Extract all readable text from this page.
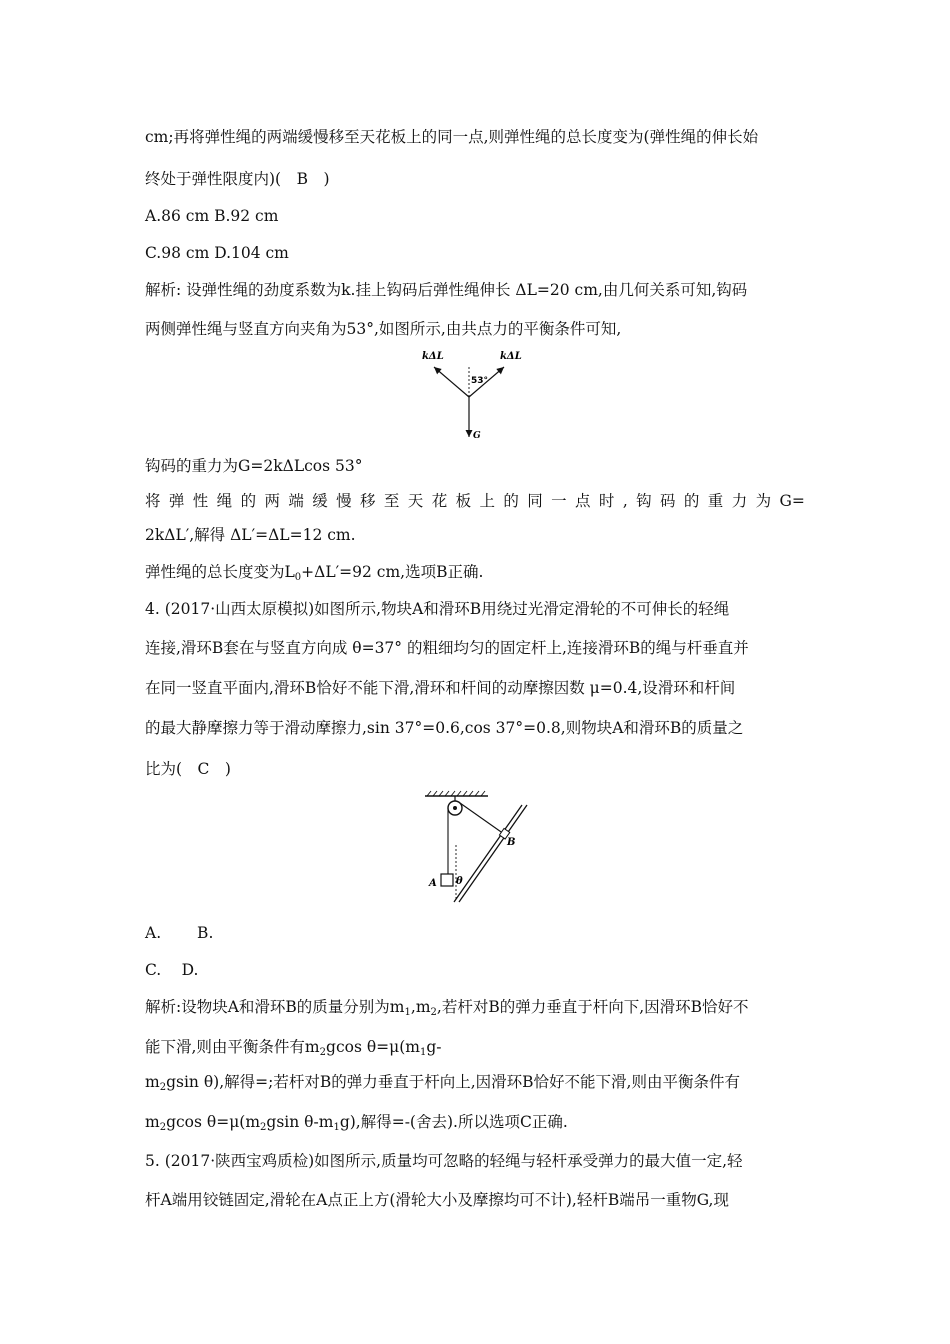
cm;再将弹性绳的两端缓慢移至天花板上的同一点,则弹性绳的总长度变为(弹性绳的伸长始
终处于弹性限度内)(　B　)
A.86 cm B.92 cm
C.98 cm D.104 cm
解析: 设弹性绳的劲度系数为k.挂上钩码后弹性绳伸长 ΔL=20 cm,由几何关系可知,钩码
两侧弹性绳与竖直方向夹角为53°,如图所示,由共点力的平衡条件可知,
kΔL	kΔL
53°
G
钩码的重力为G=2kΔLcos 53°
将 弹 性 绳 的 两 端 缓 慢 移 至 天 花 板 上 的 同 一 点 时 , 钩 码 的 重 力 为 G=
2kΔL′,解得 ΔL′=ΔL=12 cm.
弹性绳的总长度变为$L_0+\Delta L'=92$ cm,选项B正确.
4. (2017·山西太原模拟)如图所示,物块A和滑环B用绕过光滑定滑轮的不可伸长的轻绳
连接,滑环B套在与竖直方向成 θ=37° 的粗细均匀的固定杆上,连接滑环B的绳与杆垂直并
在同一竖直平面内,滑环B恰好不能下滑,滑环和杆间的动摩擦因数 μ=0.4,设滑环和杆间
的最大静摩擦力等于滑动摩擦力,sin 37°=0.6,cos 37°=0.8,则物块A和滑环B的质量之
比为(　C　)
A
B
θ
A.　　 B.
C.　 D.
解析:设物块A和滑环B的质量分别为$m_1,m_2$,若杆对B的弹力垂直于杆向下,因滑环B恰好不
能下滑,则由平衡条件有$m_2gcos$ $\theta=\mu(m_1g-$
$m_2gsin$ θ),解得=;若杆对B的弹力垂直于杆向上,因滑环B恰好不能下滑,则由平衡条件有
$m_2gcos$ $\theta=\mu(m_2gsin$ $\theta-m_1g$),解得=-(舍去).所以选项C正确.
5. (2017·陕西宝鸡质检)如图所示,质量均可忽略的轻绳与轻杆承受弹力的最大值一定,轻
杆A端用铰链固定,滑轮在A点正上方(滑轮大小及摩擦均可不计),轻杆B端吊一重物G,现
